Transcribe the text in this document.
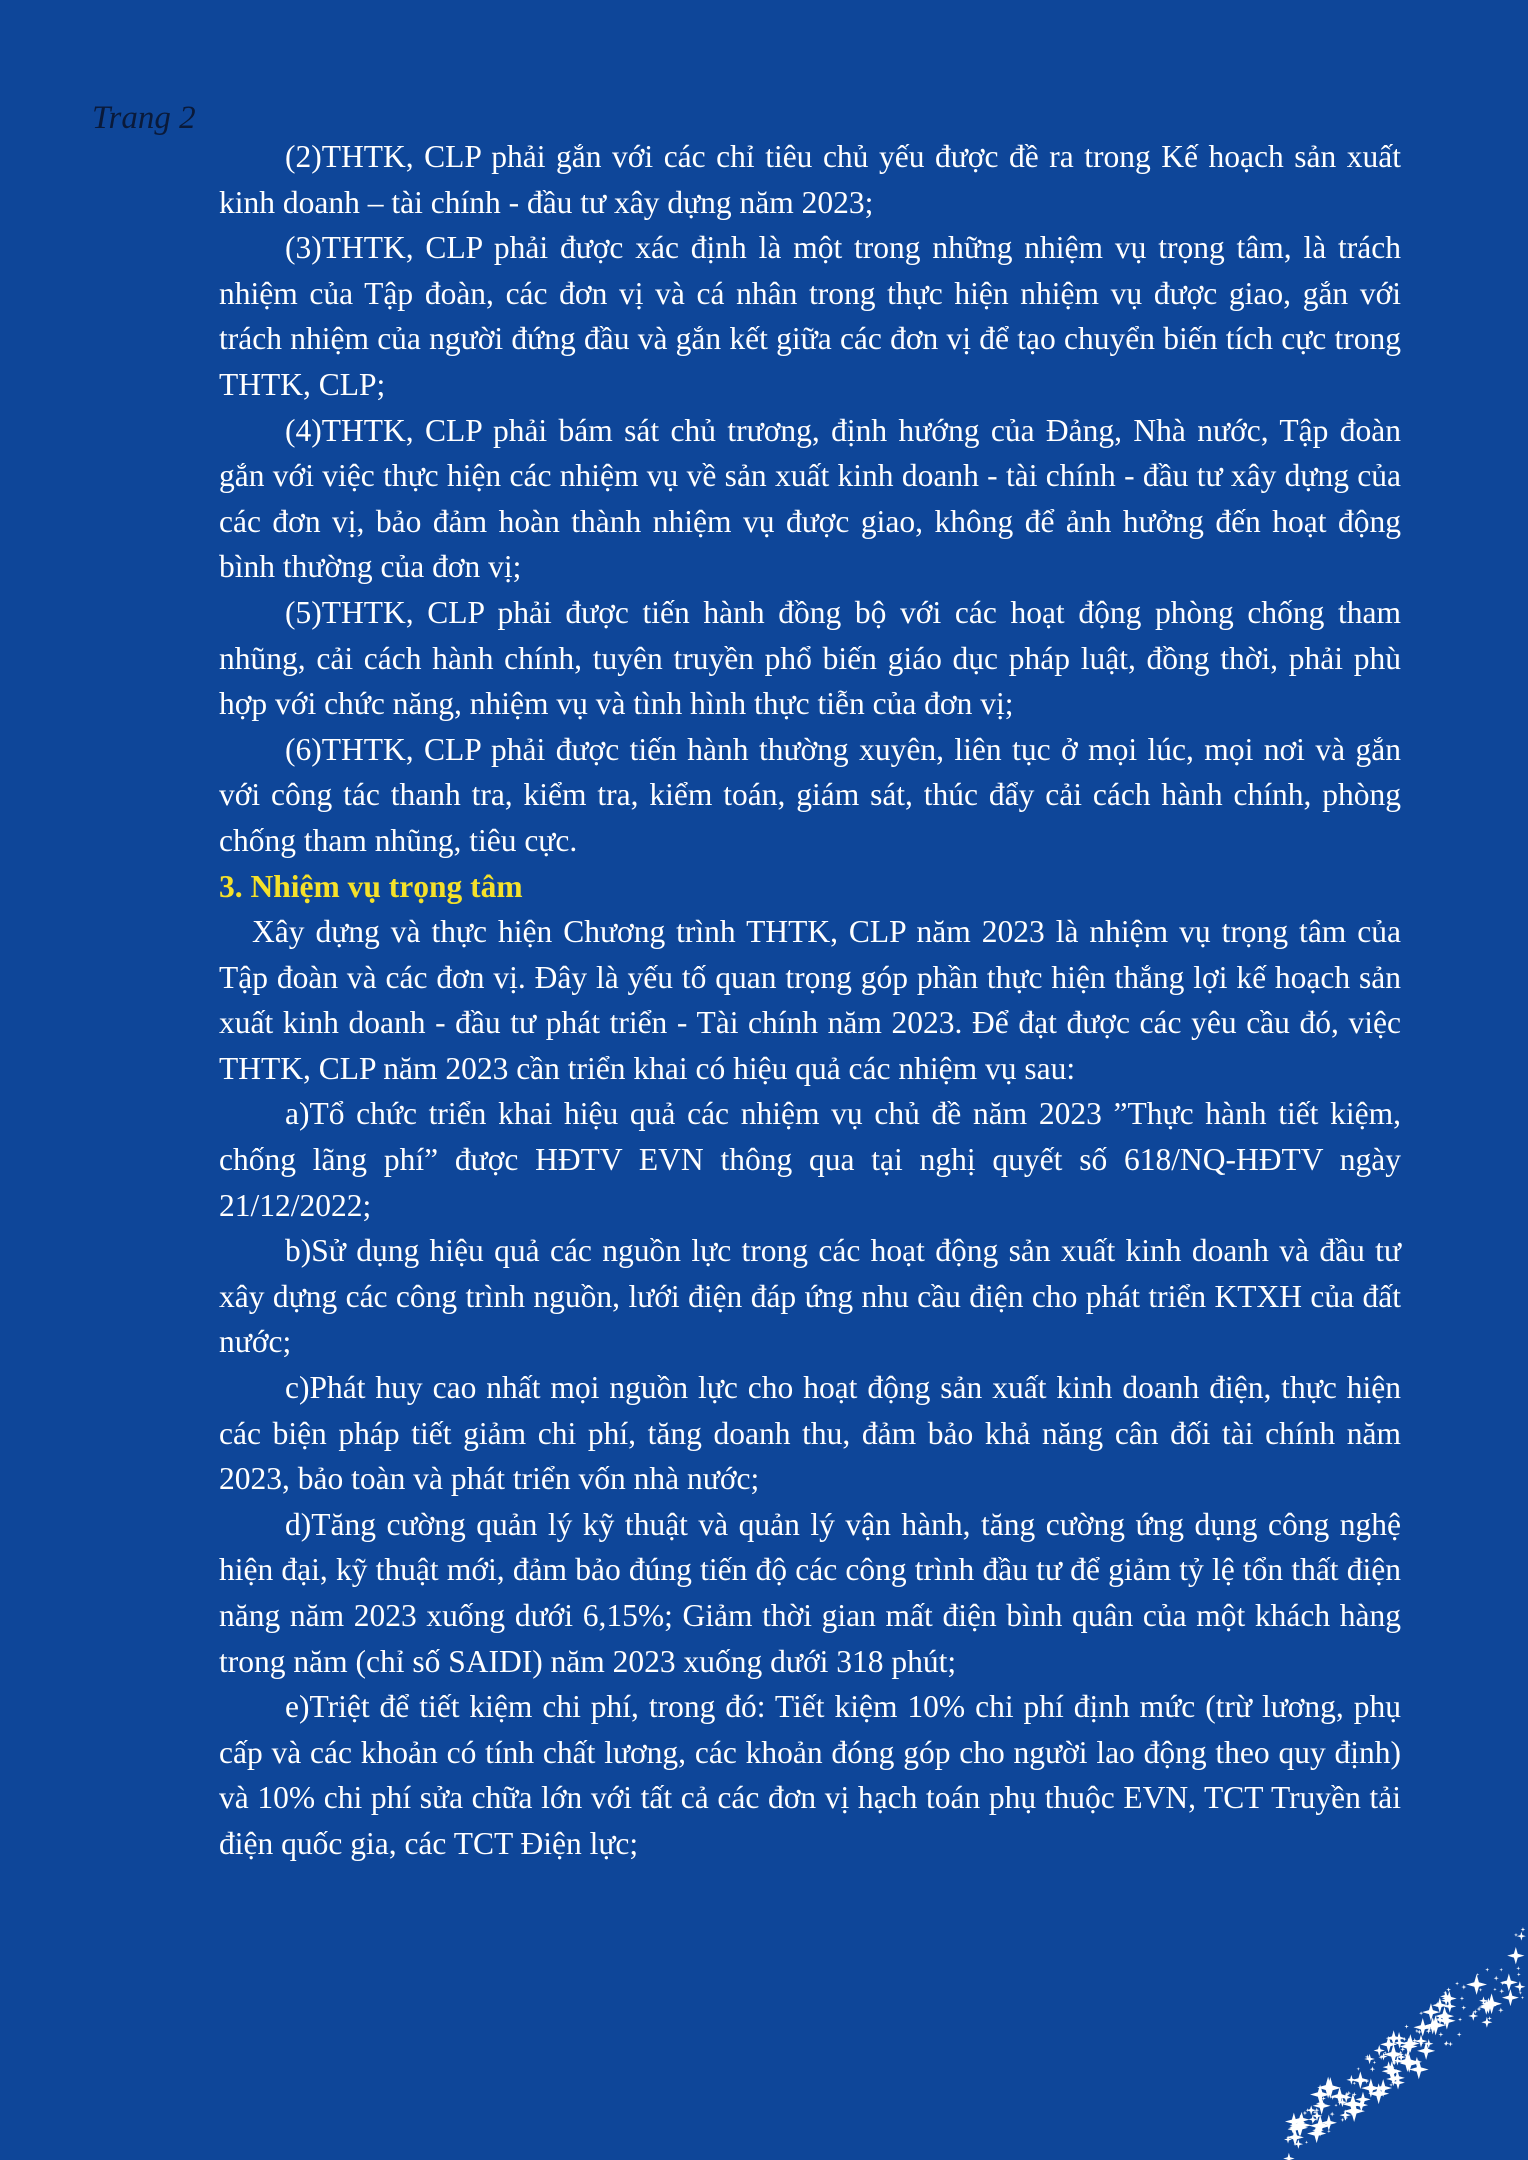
Trang 2

(2)THTK, CLP phải gắn với các chỉ tiêu chủ yếu được đề ra trong Kế hoạch sản xuất kinh doanh – tài chính - đầu tư xây dựng năm 2023;

(3)THTK, CLP phải được xác định là một trong những nhiệm vụ trọng tâm, là trách nhiệm của Tập đoàn, các đơn vị và cá nhân trong thực hiện nhiệm vụ được giao, gắn với trách nhiệm của người đứng đầu và gắn kết giữa các đơn vị để tạo chuyển biến tích cực trong THTK, CLP;

(4)THTK, CLP phải bám sát chủ trương, định hướng của Đảng, Nhà nước, Tập đoàn gắn với việc thực hiện các nhiệm vụ về sản xuất kinh doanh - tài chính - đầu tư xây dựng của các đơn vị, bảo đảm hoàn thành nhiệm vụ được giao, không để ảnh hưởng đến hoạt động bình thường của đơn vị;

(5)THTK, CLP phải được tiến hành đồng bộ với các hoạt động phòng chống tham nhũng, cải cách hành chính, tuyên truyền phổ biến giáo dục pháp luật, đồng thời, phải phù hợp với chức năng, nhiệm vụ và tình hình thực tiễn của đơn vị;

(6)THTK, CLP phải được tiến hành thường xuyên, liên tục ở mọi lúc, mọi nơi và gắn với công tác thanh tra, kiểm tra, kiểm toán, giám sát, thúc đẩy cải cách hành chính, phòng chống tham nhũng, tiêu cực.

3. Nhiệm vụ trọng tâm

Xây dựng và thực hiện Chương trình THTK, CLP năm 2023 là nhiệm vụ trọng tâm của Tập đoàn và các đơn vị. Đây là yếu tố quan trọng góp phần thực hiện thắng lợi kế hoạch sản xuất kinh doanh - đầu tư phát triển - Tài chính năm 2023. Để đạt được các yêu cầu đó, việc THTK, CLP năm 2023 cần triển khai có hiệu quả các nhiệm vụ sau:

a)Tổ chức triển khai hiệu quả các nhiệm vụ chủ đề năm 2023 ”Thực hành tiết kiệm, chống lãng phí” được HĐTV EVN thông qua tại nghị quyết số 618/NQ-HĐTV ngày 21/12/2022;

b)Sử dụng hiệu quả các nguồn lực trong các hoạt động sản xuất kinh doanh và đầu tư xây dựng các công trình nguồn, lưới điện đáp ứng nhu cầu điện cho phát triển KTXH của đất nước;

c)Phát huy cao nhất mọi nguồn lực cho hoạt động sản xuất kinh doanh điện, thực hiện các biện pháp tiết giảm chi phí, tăng doanh thu, đảm bảo khả năng cân đối tài chính năm 2023, bảo toàn và phát triển vốn nhà nước;

d)Tăng cường quản lý kỹ thuật và quản lý vận hành, tăng cường ứng dụng công nghệ hiện đại, kỹ thuật mới, đảm bảo đúng tiến độ các công trình đầu tư để giảm tỷ lệ tổn thất điện năng năm 2023 xuống dưới 6,15%; Giảm thời gian mất điện bình quân của một khách hàng trong năm (chỉ số SAIDI) năm 2023 xuống dưới 318 phút;

e)Triệt để tiết kiệm chi phí, trong đó: Tiết kiệm 10% chi phí định mức (trừ lương, phụ cấp và các khoản có tính chất lương, các khoản đóng góp cho người lao động theo quy định) và 10% chi phí sửa chữa lớn với tất cả các đơn vị hạch toán phụ thuộc EVN, TCT Truyền tải điện quốc gia, các TCT Điện lực;
